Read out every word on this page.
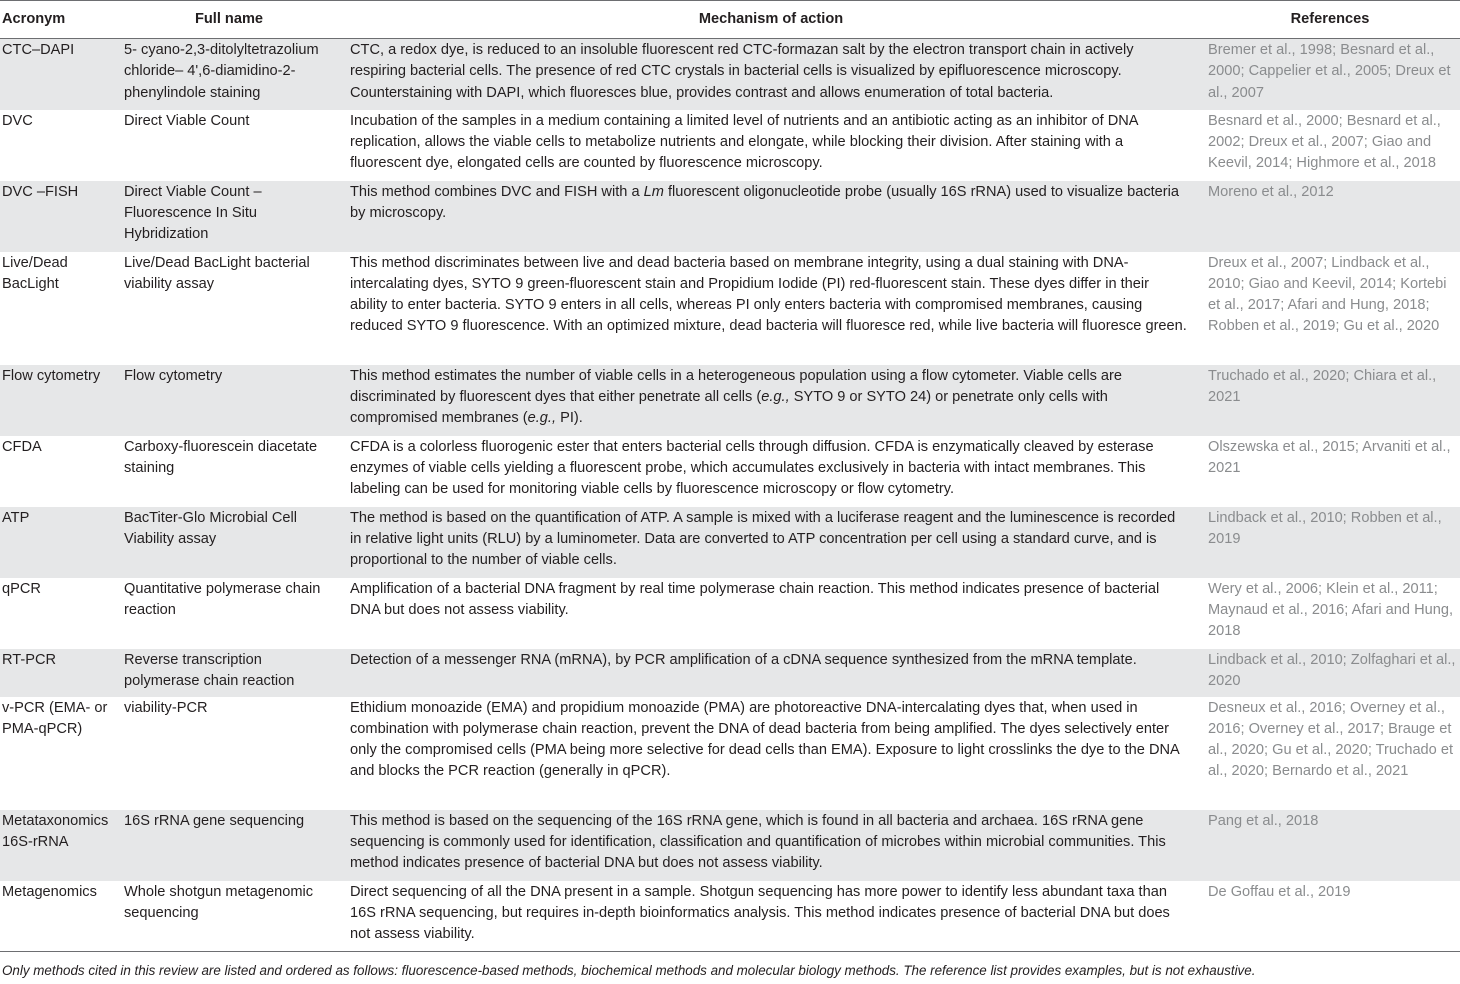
Acronym	Full name	Mechanism of action	References
CTC–DAPI	5- cyano-2,3-ditolyltetrazolium chloride– 4',6-diamidino-2-phenylindole staining	CTC, a redox dye, is reduced to an insoluble fluorescent red CTC-formazan salt by the electron transport chain in actively respiring bacterial cells. The presence of red CTC crystals in bacterial cells is visualized by epifluorescence microscopy. Counterstaining with DAPI, which fluoresces blue, provides contrast and allows enumeration of total bacteria.	Bremer et al., 1998; Besnard et al., 2000; Cappelier et al., 2005; Dreux et al., 2007
DVC	Direct Viable Count	Incubation of the samples in a medium containing a limited level of nutrients and an antibiotic acting as an inhibitor of DNA replication, allows the viable cells to metabolize nutrients and elongate, while blocking their division. After staining with a fluorescent dye, elongated cells are counted by fluorescence microscopy.	Besnard et al., 2000; Besnard et al., 2002; Dreux et al., 2007; Giao and Keevil, 2014; Highmore et al., 2018
DVC –FISH	Direct Viable Count – Fluorescence In Situ Hybridization	This method combines DVC and FISH with a Lm fluorescent oligonucleotide probe (usually 16S rRNA) used to visualize bacteria by microscopy.	Moreno et al., 2012
Live/Dead BacLight	Live/Dead BacLight bacterial viability assay	This method discriminates between live and dead bacteria based on membrane integrity, using a dual staining with DNA-intercalating dyes, SYTO 9 green-fluorescent stain and Propidium Iodide (PI) red-fluorescent stain. These dyes differ in their ability to enter bacteria. SYTO 9 enters in all cells, whereas PI only enters bacteria with compromised membranes, causing reduced SYTO 9 fluorescence. With an optimized mixture, dead bacteria will fluoresce red, while live bacteria will fluoresce green.	Dreux et al., 2007; Lindback et al., 2010; Giao and Keevil, 2014; Kortebi et al., 2017; Afari and Hung, 2018; Robben et al., 2019; Gu et al., 2020
Flow cytometry	Flow cytometry	This method estimates the number of viable cells in a heterogeneous population using a flow cytometer. Viable cells are discriminated by fluorescent dyes that either penetrate all cells (e.g., SYTO 9 or SYTO 24) or penetrate only cells with compromised membranes (e.g., PI).	Truchado et al., 2020; Chiara et al., 2021
CFDA	Carboxy-fluorescein diacetate staining	CFDA is a colorless fluorogenic ester that enters bacterial cells through diffusion. CFDA is enzymatically cleaved by esterase enzymes of viable cells yielding a fluorescent probe, which accumulates exclusively in bacteria with intact membranes. This labeling can be used for monitoring viable cells by fluorescence microscopy or flow cytometry.	Olszewska et al., 2015; Arvaniti et al., 2021
ATP	BacTiter-Glo Microbial Cell Viability assay	The method is based on the quantification of ATP. A sample is mixed with a luciferase reagent and the luminescence is recorded in relative light units (RLU) by a luminometer. Data are converted to ATP concentration per cell using a standard curve, and is proportional to the number of viable cells.	Lindback et al., 2010; Robben et al., 2019
qPCR	Quantitative polymerase chain reaction	Amplification of a bacterial DNA fragment by real time polymerase chain reaction. This method indicates presence of bacterial DNA but does not assess viability.	Wery et al., 2006; Klein et al., 2011; Maynaud et al., 2016; Afari and Hung, 2018
RT-PCR	Reverse transcription polymerase chain reaction	Detection of a messenger RNA (mRNA), by PCR amplification of a cDNA sequence synthesized from the mRNA template.	Lindback et al., 2010; Zolfaghari et al., 2020
v-PCR (EMA- or PMA-qPCR)	viability-PCR	Ethidium monoazide (EMA) and propidium monoazide (PMA) are photoreactive DNA-intercalating dyes that, when used in combination with polymerase chain reaction, prevent the DNA of dead bacteria from being amplified. The dyes selectively enter only the compromised cells (PMA being more selective for dead cells than EMA). Exposure to light crosslinks the dye to the DNA and blocks the PCR reaction (generally in qPCR).	Desneux et al., 2016; Overney et al., 2016; Overney et al., 2017; Brauge et al., 2020; Gu et al., 2020; Truchado et al., 2020; Bernardo et al., 2021
Metataxonomics 16S-rRNA	16S rRNA gene sequencing	This method is based on the sequencing of the 16S rRNA gene, which is found in all bacteria and archaea. 16S rRNA gene sequencing is commonly used for identification, classification and quantification of microbes within microbial communities. This method indicates presence of bacterial DNA but does not assess viability.	Pang et al., 2018
Metagenomics	Whole shotgun metagenomic sequencing	Direct sequencing of all the DNA present in a sample. Shotgun sequencing has more power to identify less abundant taxa than 16S rRNA sequencing, but requires in-depth bioinformatics analysis. This method indicates presence of bacterial DNA but does not assess viability.	De Goffau et al., 2019
Only methods cited in this review are listed and ordered as follows: fluorescence-based methods, biochemical methods and molecular biology methods. The reference list provides examples, but is not exhaustive.
